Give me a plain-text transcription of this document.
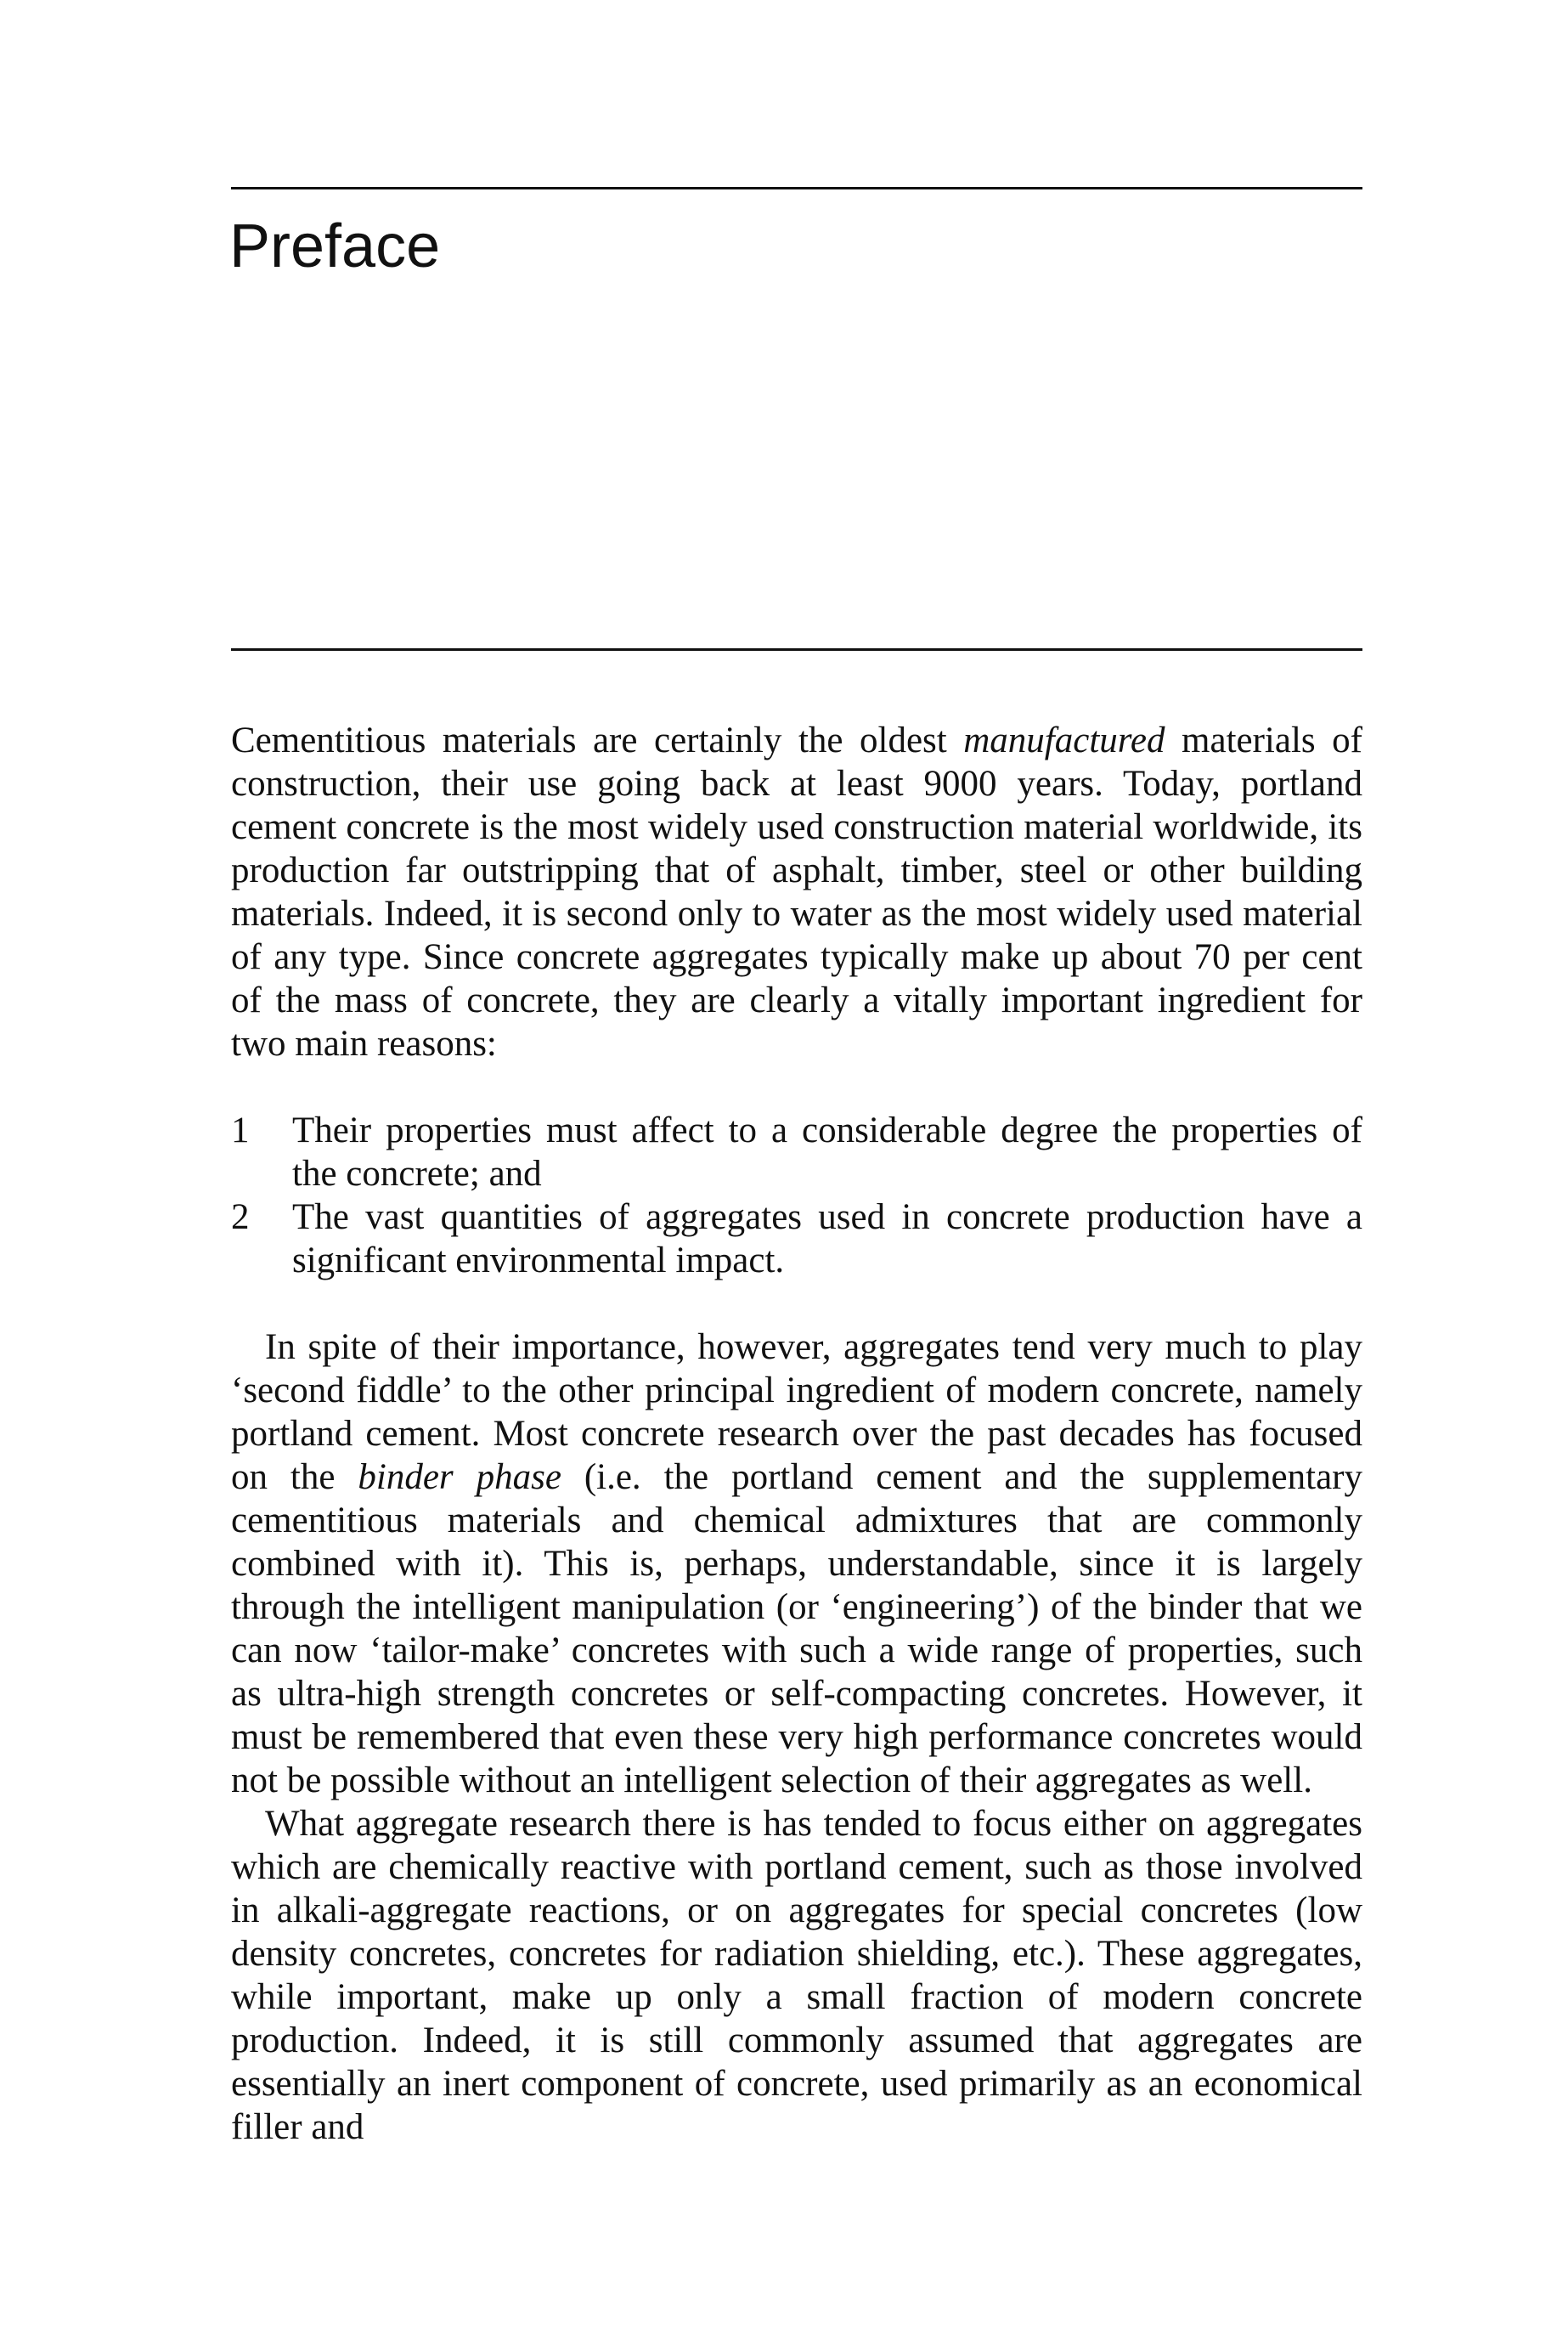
Preface

Cementitious materials are certainly the oldest manufactured materials of construction, their use going back at least 9000 years. Today, portland cement concrete is the most widely used construction material worldwide, its production far outstripping that of asphalt, timber, steel or other building materials. Indeed, it is second only to water as the most widely used material of any type. Since concrete aggregates typically make up about 70 per cent of the mass of concrete, they are clearly a vitally important ingredient for two main reasons:

1	Their properties must affect to a considerable degree the properties of the concrete; and
2	The vast quantities of aggregates used in concrete production have a significant environmental impact.

In spite of their importance, however, aggregates tend very much to play ‘second fiddle’ to the other principal ingredient of modern concrete, namely portland cement. Most concrete research over the past decades has focused on the binder phase (i.e. the portland cement and the supplementary cementitious materials and chemical admixtures that are commonly combined with it). This is, perhaps, understandable, since it is largely through the intelligent manipulation (or ‘engineering’) of the binder that we can now ‘tailor-make’ concretes with such a wide range of properties, such as ultra-high strength concretes or self-compacting concretes. However, it must be remembered that even these very high performance concretes would not be possible without an intelligent selection of their aggregates as well.

What aggregate research there is has tended to focus either on aggregates which are chemically reactive with portland cement, such as those involved in alkali-aggregate reactions, or on aggregates for special concretes (low density concretes, concretes for radiation shielding, etc.). These aggregates, while important, make up only a small fraction of modern concrete production. Indeed, it is still commonly assumed that aggregates are essentially an inert component of concrete, used primarily as an economical filler and
